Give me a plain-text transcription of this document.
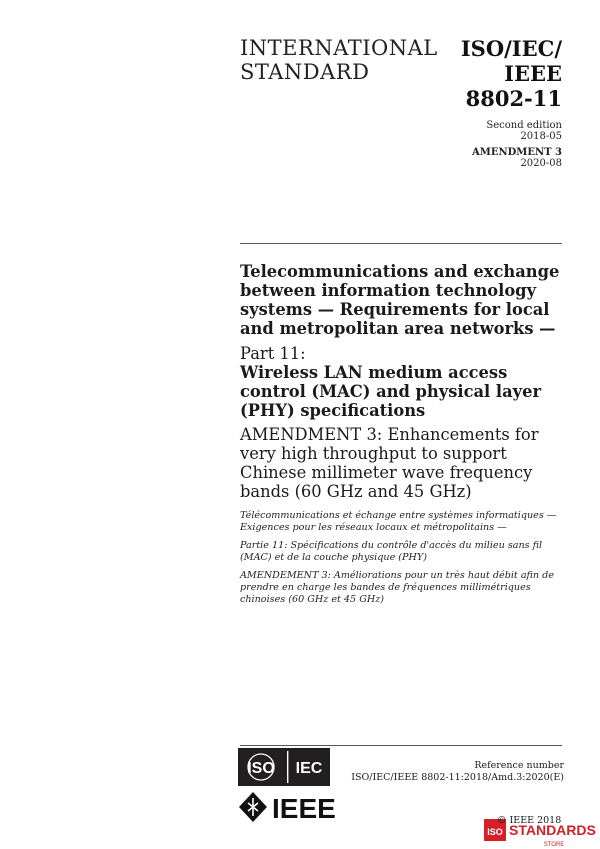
INTERNATIONAL
STANDARD
ISO/IEC/
IEEE
8802-11
Second edition
2018-05
AMENDMENT 3
2020-08

Telecommunications and exchange between information technology systems — Requirements for local and metropolitan area networks —

Part 11:
Wireless LAN medium access control (MAC) and physical layer (PHY) specifications

AMENDMENT 3: Enhancements for very high throughput to support Chinese millimeter wave frequency bands (60 GHz and 45 GHz)

Télécommunications et échange entre systèmes informatiques — Exigences pour les réseaux locaux et métropolitains —

Partie 11: Spécifications du contrôle d'accès du milieu sans fil (MAC) et de la couche physique (PHY)

AMENDEMENT 3: Améliorations pour un très haut débit afin de prendre en charge les bandes de fréquences millimétriques chinoises (60 GHz et 45 GHz)

ISO IEC
IEEE
Reference number
ISO/IEC/IEEE 8802-11:2018/Amd.3:2020(E)
ISO STANDARDS
STORE
© IEEE 2018
